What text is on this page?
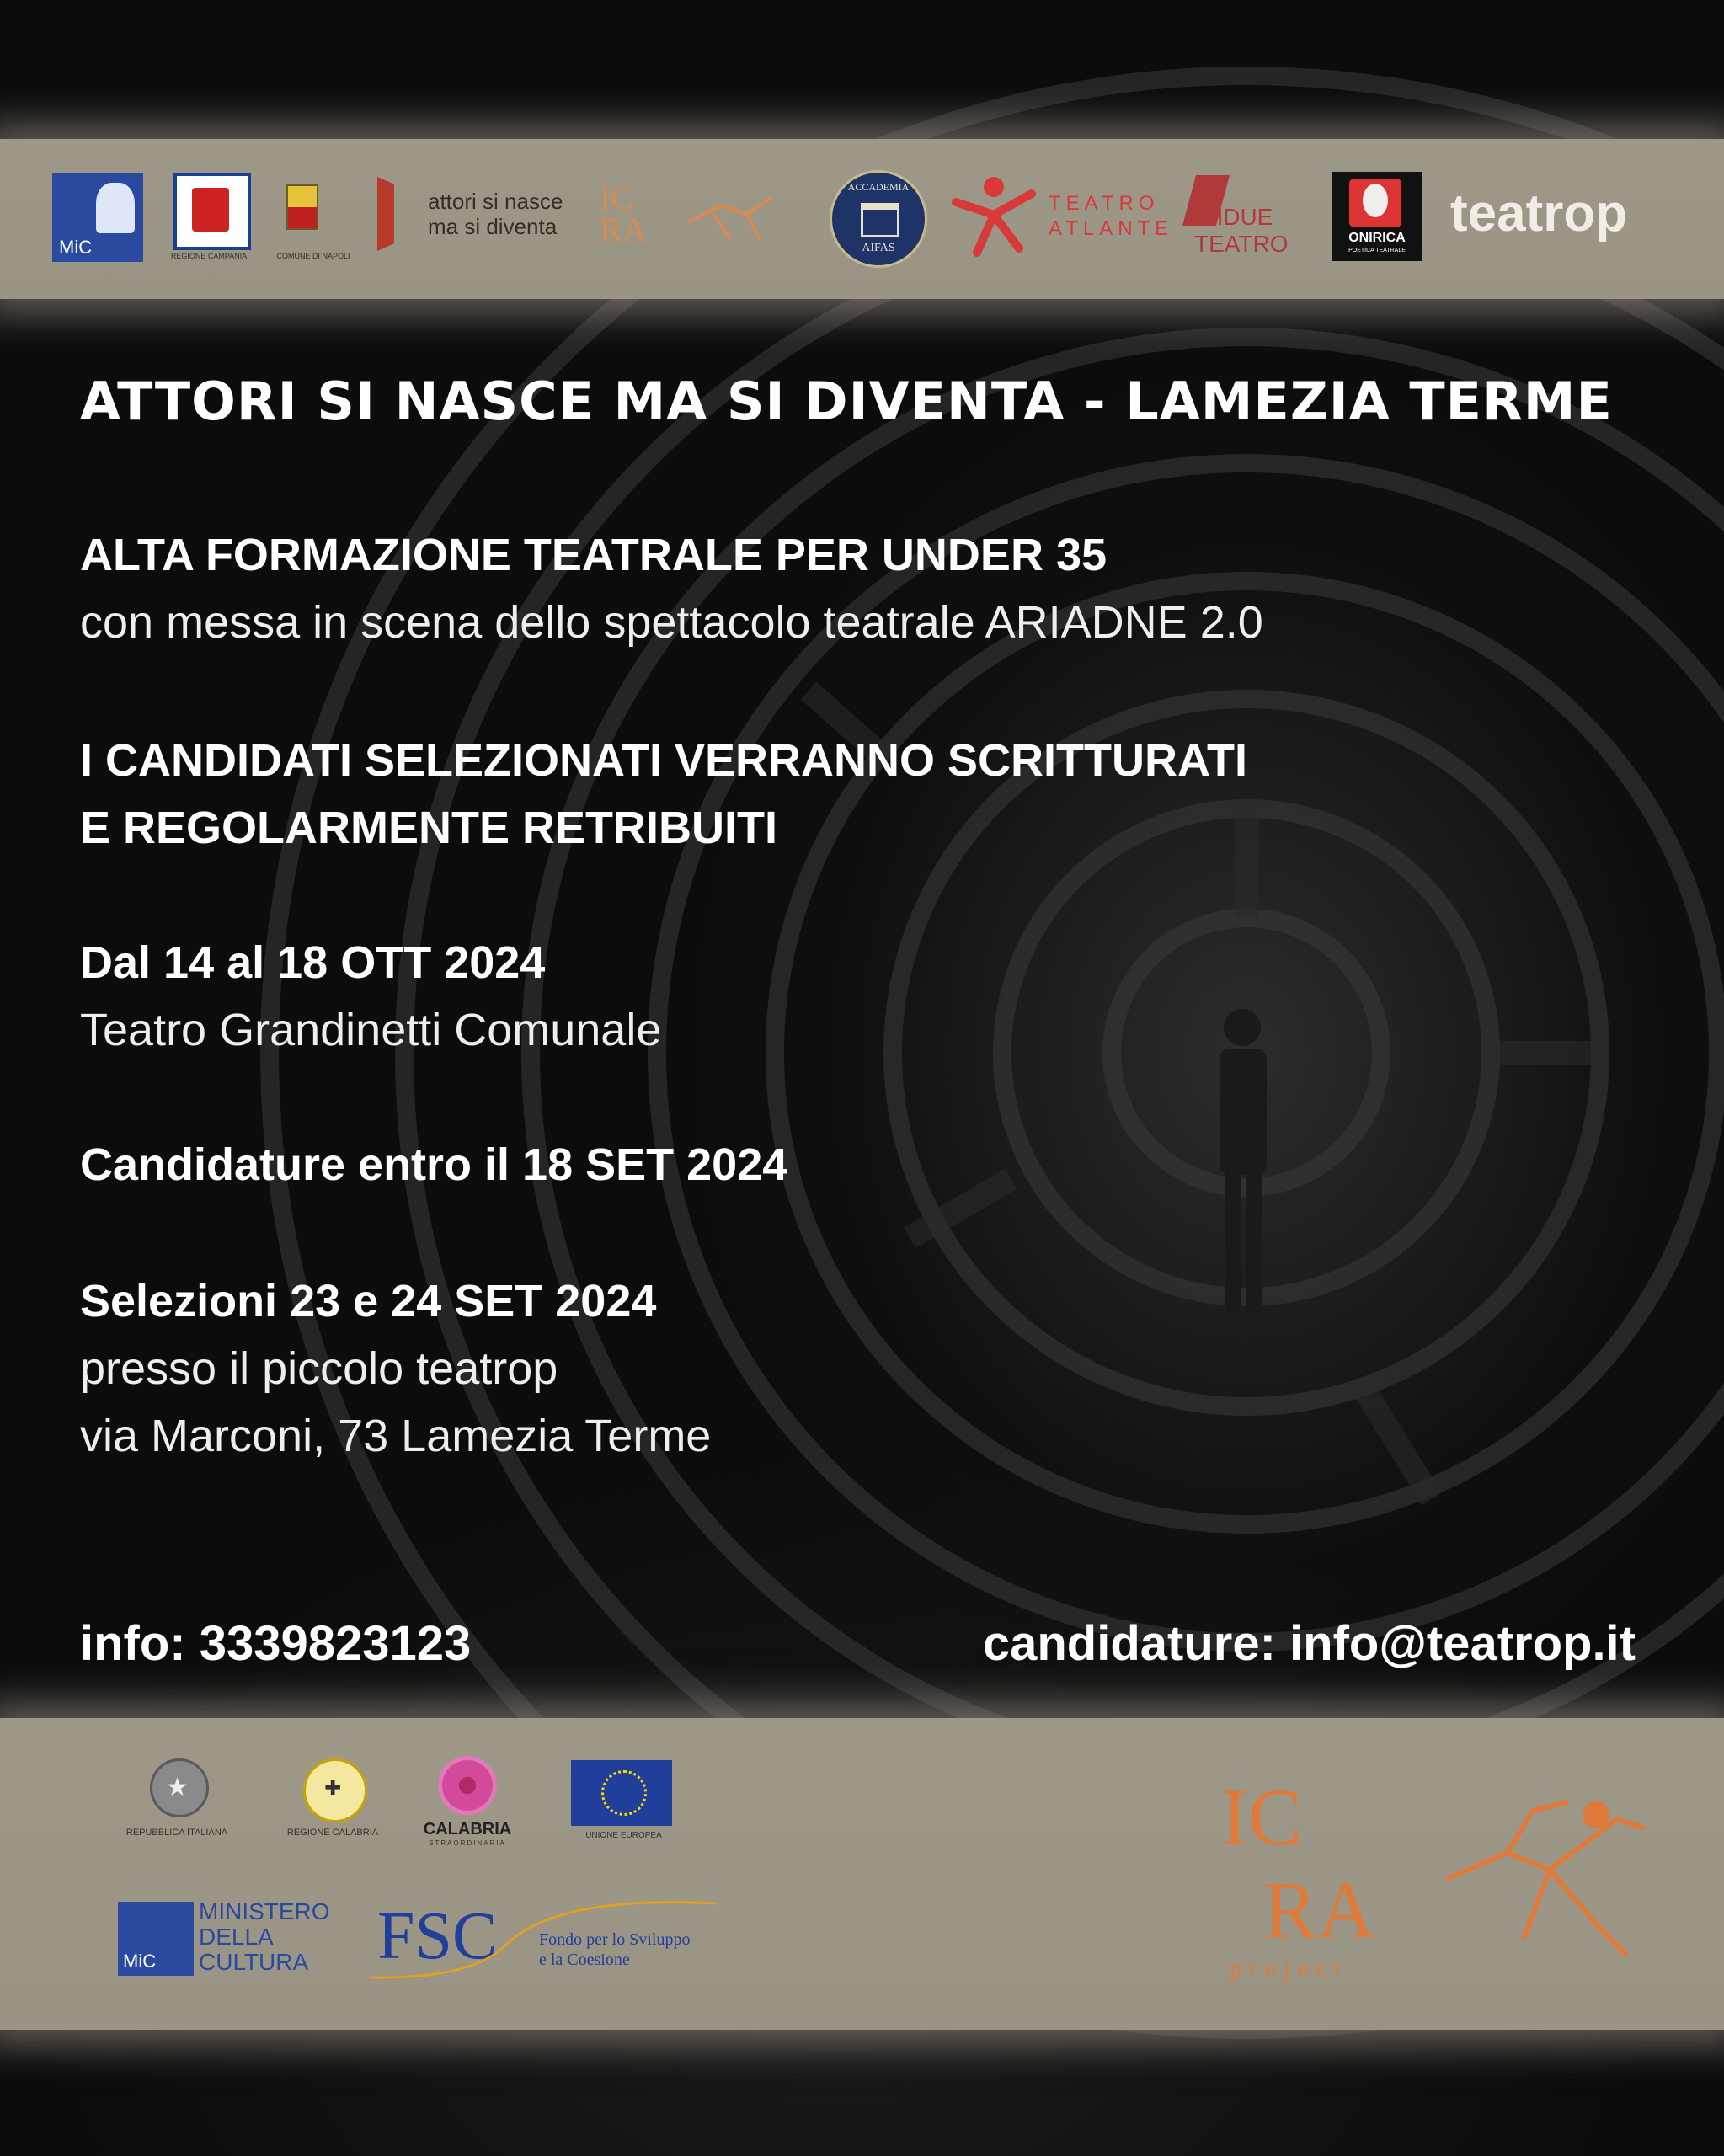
MiC	REGIONE CAMPANIA	COMUNE DI NAPOLI
attori si nasce
ma si diventa
IC RA
ACCADEMIA
AIFAS
TEATRO
ATLANTE HDUE
TEATRO	ONIRICA
POETICA TEATRALE
teatrop
ATTORI SI NASCE MA SI DIVENTA - LAMEZIA TERME
ALTA FORMAZIONE TEATRALE PER UNDER 35
con messa in scena dello spettacolo teatrale ARIADNE 2.0
I CANDIDATI SELEZIONATI VERRANNO SCRITTURATI
E REGOLARMENTE RETRIBUITI
Dal 14 al 18 OTT 2024
Teatro Grandinetti Comunale
Candidature entro il 18 SET 2024
Selezioni 23 e 24 SET 2024
presso il piccolo teatrop
via Marconi, 73 Lamezia Terme
info: 3339823123	candidature: info@teatrop.it
★
REPUBBLICA ITALIANA
✚
REGIONE CALABRIA	CALABRIA
STRAORDINARIA
UNIONE EUROPEA
MiC
MINISTERO
DELLA
CULTURA FSC Fondo per lo Sviluppo
e la Coesione
IC
RA
project
